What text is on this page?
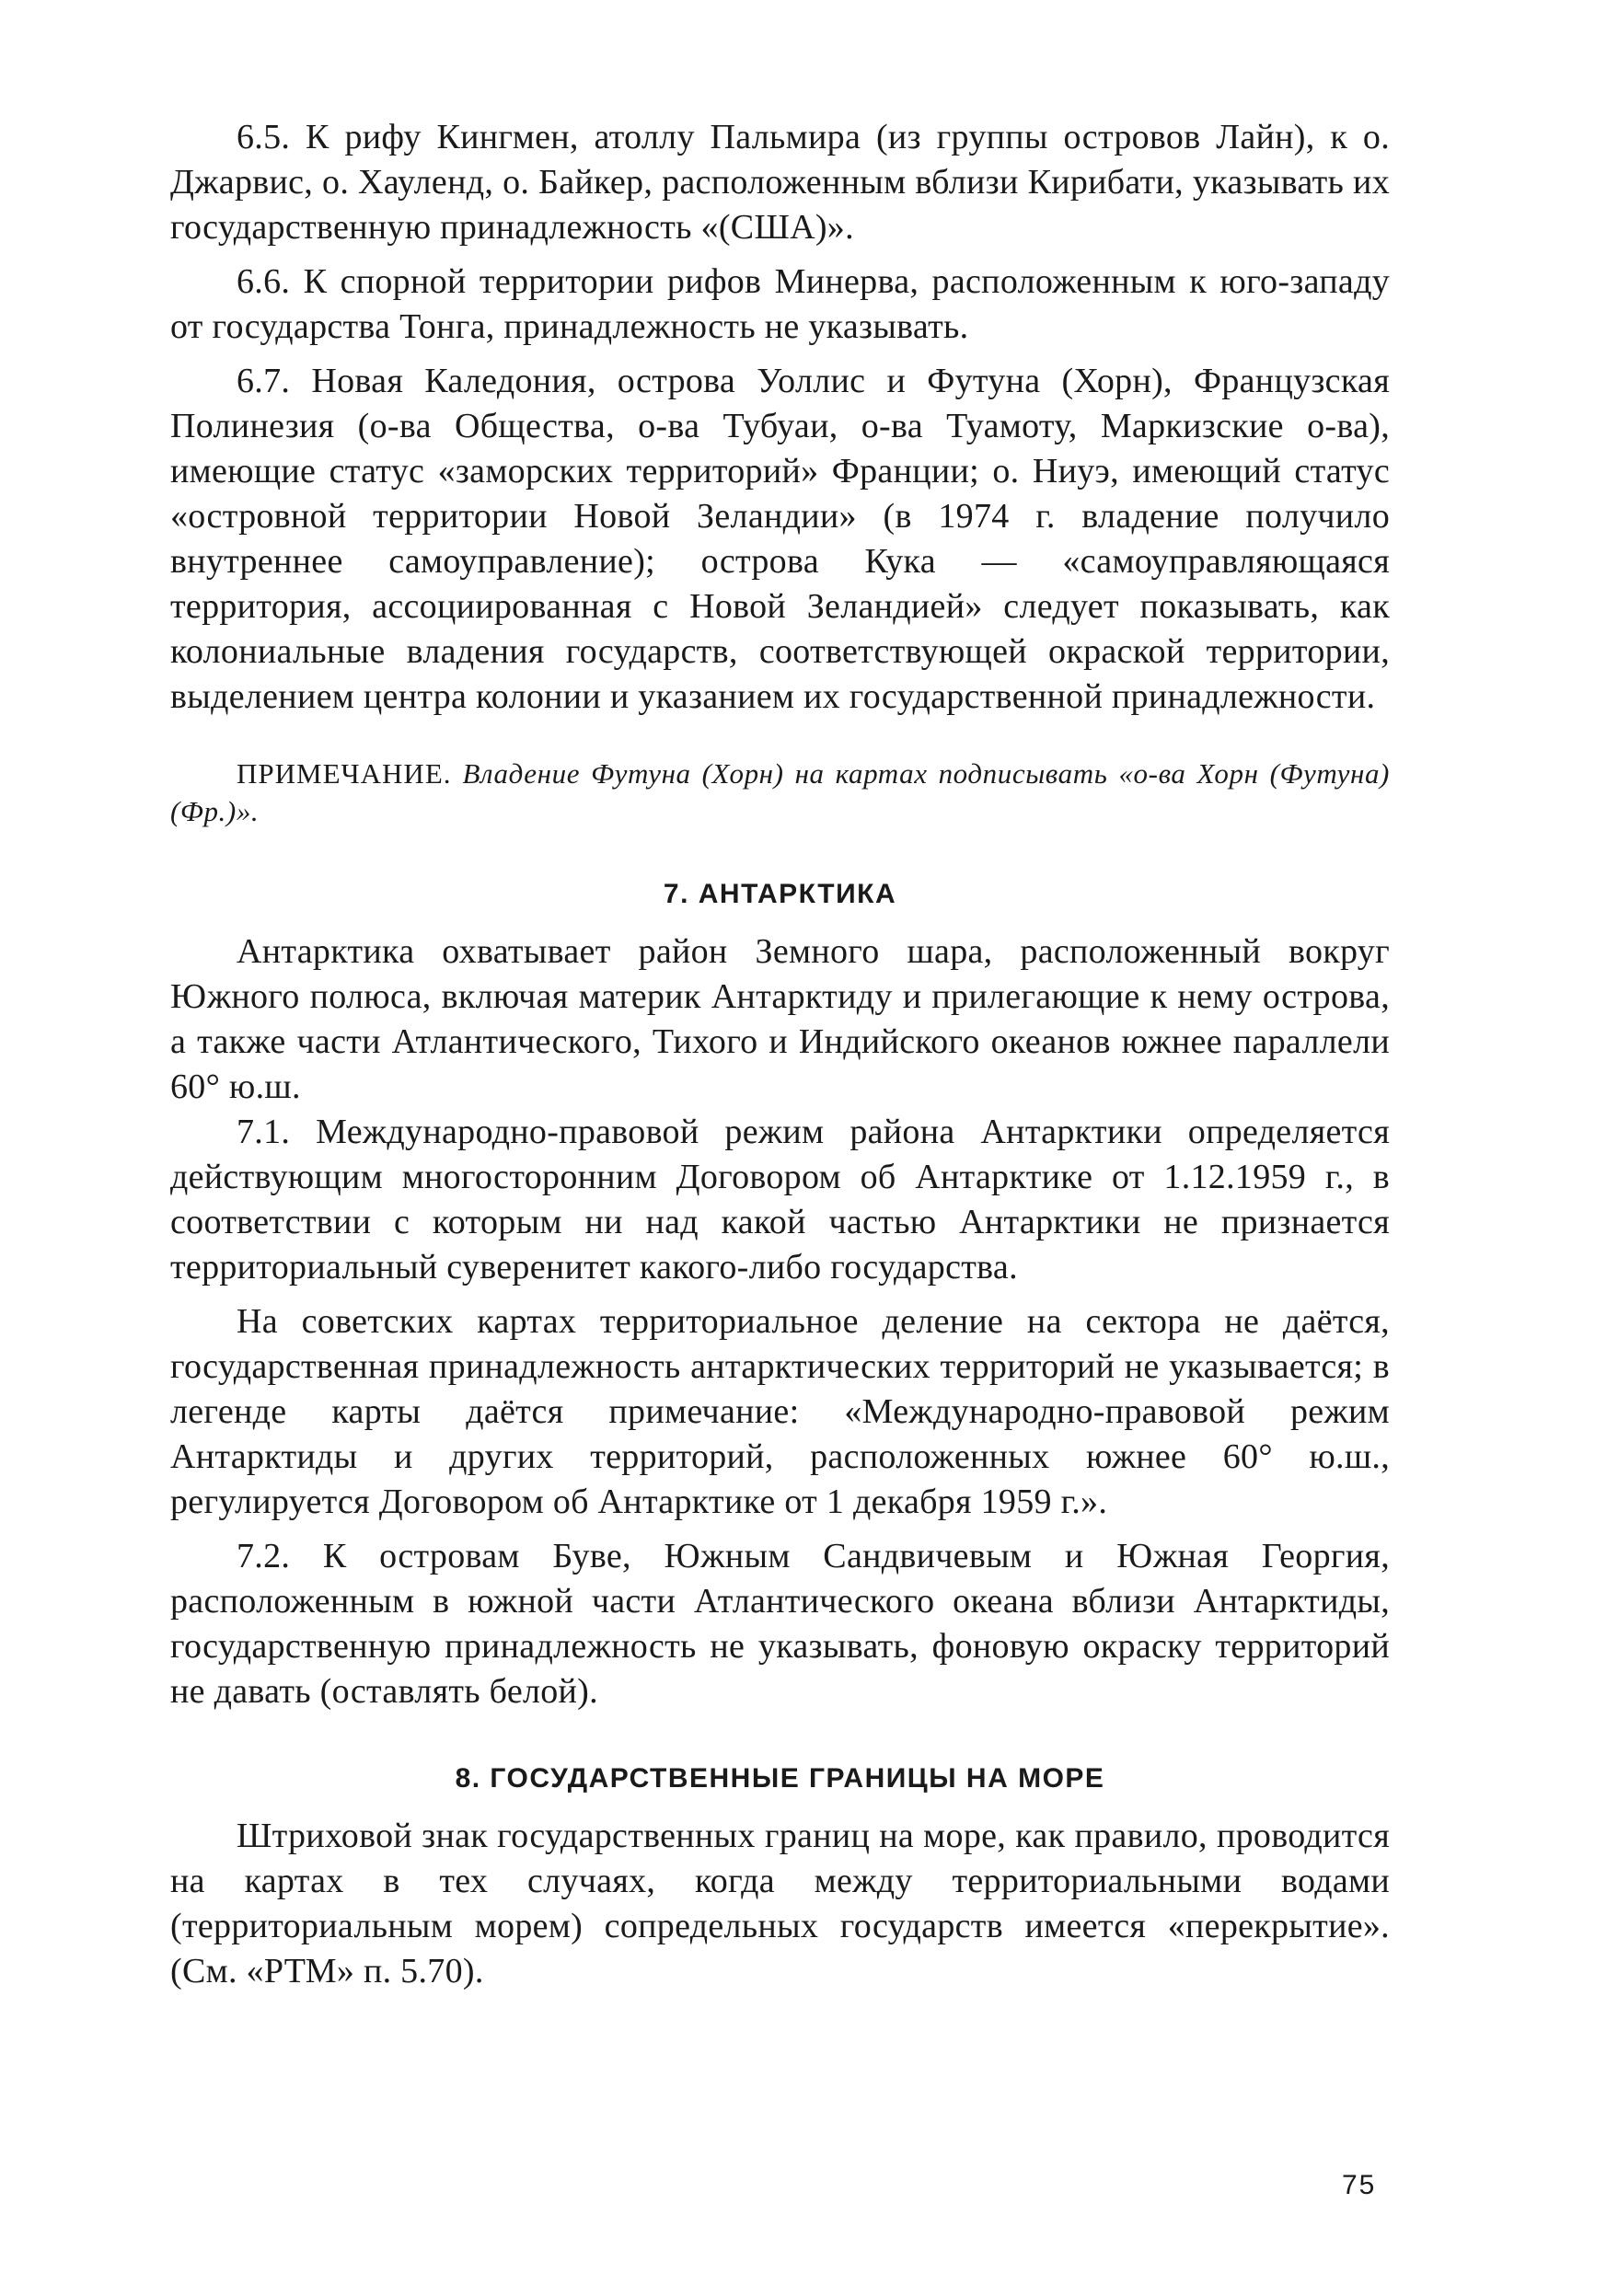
6.5. К рифу Кингмен, атоллу Пальмира (из группы островов Лайн), к о. Джарвис, о. Хауленд, о. Байкер, расположенным вблизи Кирибати, указывать их государственную принадлежность «(США)».

6.6. К спорной территории рифов Минерва, расположенным к юго-западу от государства Тонга, принадлежность не указывать.

6.7. Новая Каледония, острова Уоллис и Футуна (Хорн), Французская Полинезия (о-ва Общества, о-ва Тубуаи, о-ва Туамоту, Маркизские о-ва), имеющие статус «заморских территорий» Франции; о. Ниуэ, имеющий статус «островной территории Новой Зеландии» (в 1974 г. владение получило внутреннее самоуправление); острова Кука — «самоуправляющаяся территория, ассоциированная с Новой Зеландией» следует показывать, как колониальные владения государств, соответствующей окраской территории, выделением центра колонии и указанием их государственной принадлежности.

ПРИМЕЧАНИЕ. Владение Футуна (Хорн) на картах подписывать «о-ва Хорн (Футуна) (Фр.)».

7. АНТАРКТИКА

Антарктика охватывает район Земного шара, расположенный вокруг Южного полюса, включая материк Антарктиду и прилегающие к нему острова, а также части Атлантического, Тихого и Индийского океанов южнее параллели 60° ю.ш.

7.1. Международно-правовой режим района Антарктики определяется действующим многосторонним Договором об Антарктике от 1.12.1959 г., в соответствии с которым ни над какой частью Антарктики не признается территориальный суверенитет какого-либо государства.

На советских картах территориальное деление на сектора не даётся, государственная принадлежность антарктических территорий не указывается; в легенде карты даётся примечание: «Международно-правовой режим Антарктиды и других территорий, расположенных южнее 60° ю.ш., регулируется Договором об Антарктике от 1 декабря 1959 г.».

7.2. К островам Буве, Южным Сандвичевым и Южная Георгия, расположенным в южной части Атлантического океана вблизи Антарктиды, государственную принадлежность не указывать, фоновую окраску территорий не давать (оставлять белой).

8. ГОСУДАРСТВЕННЫЕ ГРАНИЦЫ НА МОРЕ

Штриховой знак государственных границ на море, как правило, проводится на картах в тех случаях, когда между территориальными водами (территориальным морем) сопредельных государств имеется «перекрытие». (См. «РТМ» п. 5.70).

75
